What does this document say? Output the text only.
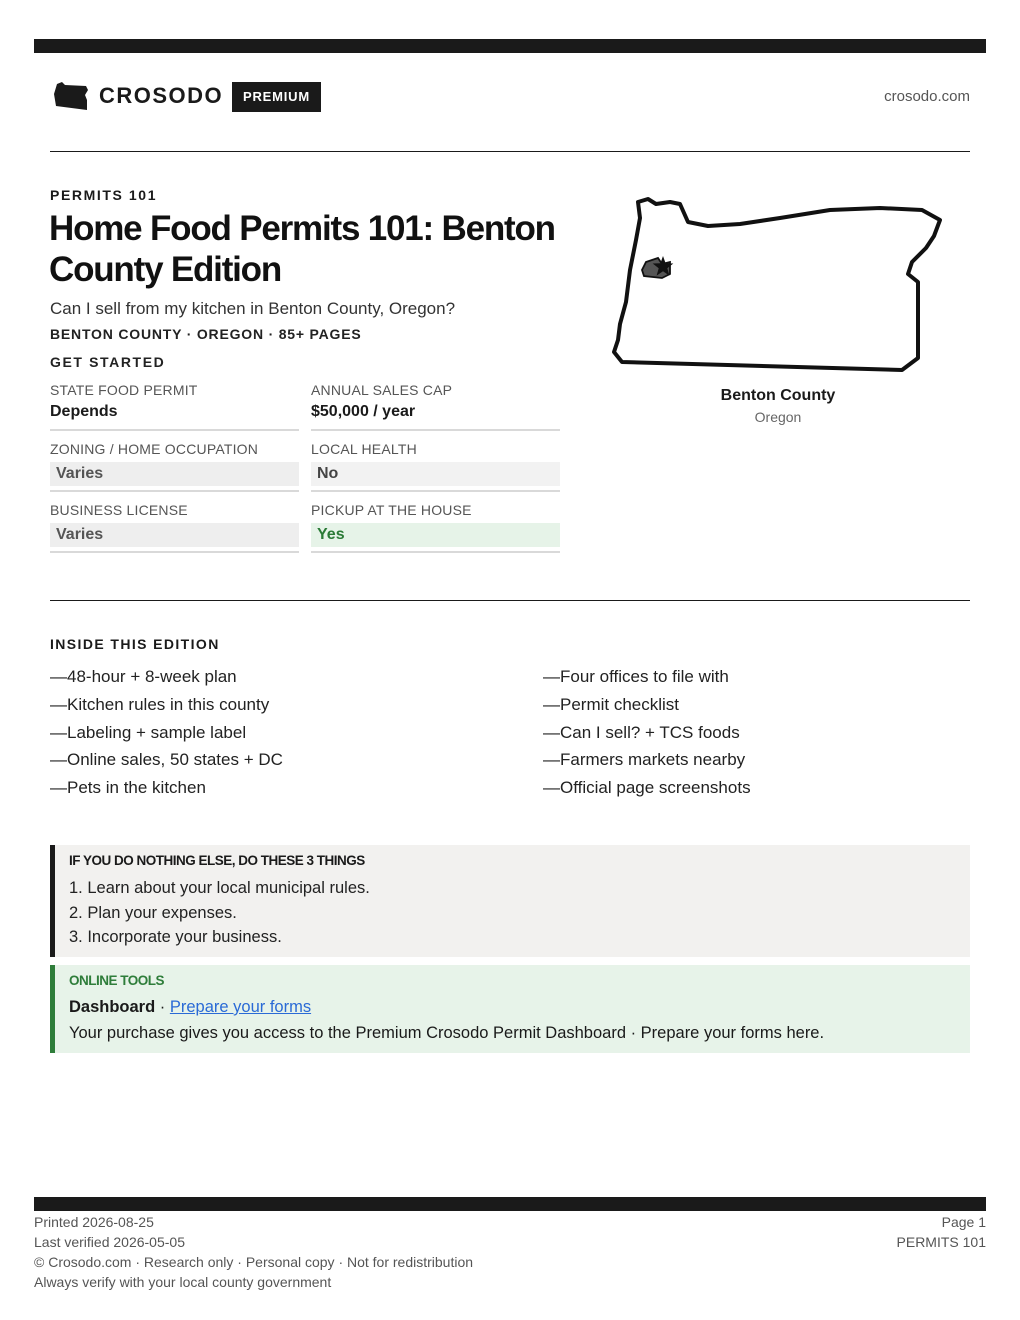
CROSODO	PREMIUM	crosodo.com
PERMITS 101
Home Food Permits 101: Benton County Edition

Can I sell from my kitchen in Benton County, Oregon?

BENTON COUNTY · OREGON · 85+ PAGES
GET STARTED
STATE FOOD PERMIT
Depends
ANNUAL SALES CAP
$50,000 / year
ZONING / HOME OCCUPATION
Varies
LOCAL HEALTH
No
BUSINESS LICENSE
Varies
PICKUP AT THE HOUSE
Yes
Benton County
Oregon
INSIDE THIS EDITION
—48-hour + 8-week plan
—Kitchen rules in this county
—Labeling + sample label
—Online sales, 50 states + DC
—Pets in the kitchen
—Four offices to file with
—Permit checklist
—Can I sell? + TCS foods
—Farmers markets nearby
—Official page screenshots
IF YOU DO NOTHING ELSE, DO THESE 3 THINGS
1. Learn about your local municipal rules.
2. Plan your expenses.
3. Incorporate your business.
ONLINE TOOLS
Dashboard · Prepare your forms
Your purchase gives you access to the Premium Crosodo Permit Dashboard · Prepare your forms here.
Printed 2026-08-25
Last verified 2026-05-05
© Crosodo.com · Research only · Personal copy · Not for redistribution
Always verify with your local county government
Page 1
PERMITS 101
